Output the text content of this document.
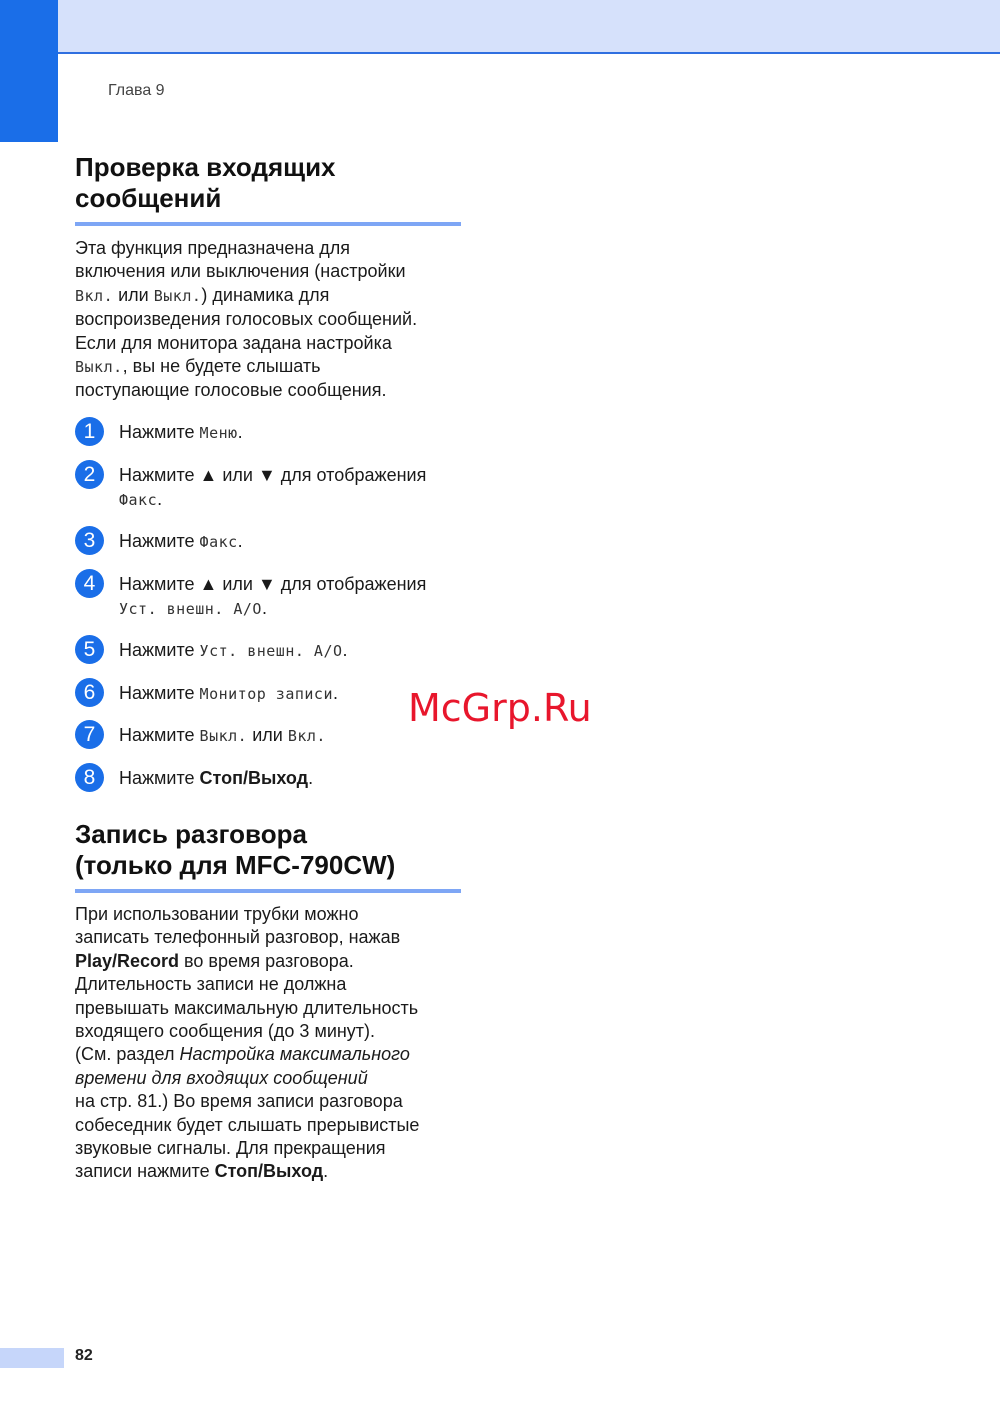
Глава 9
Проверка входящих
сообщений

Эта функция предназначена для
включения или выключения (настройки
Вкл. или Выкл.) динамика для
воспроизведения голосовых сообщений.
Если для монитора задана настройка
Выкл., вы не будете слышать
поступающие голосовые сообщения.

1	Нажмите Меню.
2	Нажмите ▲ или ▼ для отображения
Факс.
3	Нажмите Факс.
4	Нажмите ▲ или ▼ для отображения
Уст. внешн. А/О.
5	Нажмите Уст. внешн. А/О.
6	Нажмите Монитор записи.
7	Нажмите Выкл. или Вкл.
8	Нажмите Стоп/Выход.
Запись разговора
(только для MFC-790CW)

При использовании трубки можно
записать телефонный разговор, нажав
Play/Record во время разговора.
Длительность записи не должна
превышать максимальную длительность
входящего сообщения (до 3 минут).
(См. раздел Настройка максимального
времени для входящих сообщений
на стр. 81.) Во время записи разговора
собеседник будет слышать прерывистые
звуковые сигналы. Для прекращения
записи нажмите Стоп/Выход.

McGrp.Ru
82
